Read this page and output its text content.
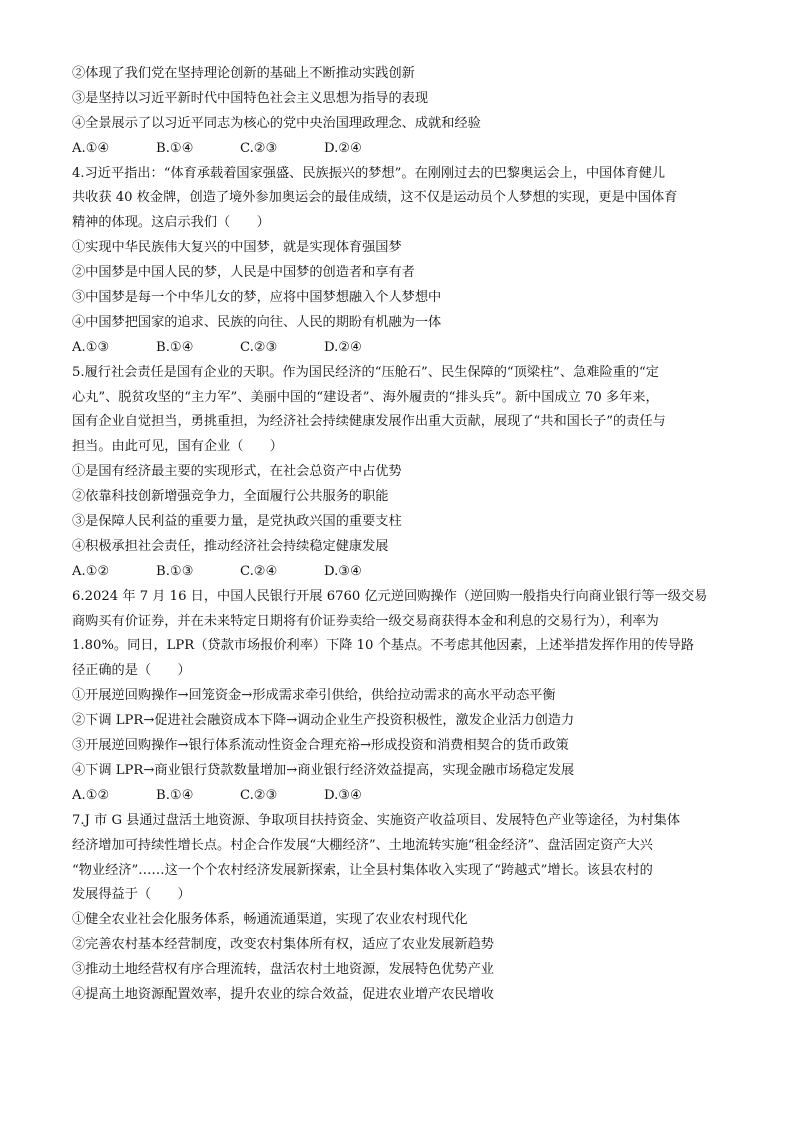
②体现了我们党在坚持理论创新的基础上不断推动实践创新
③是坚持以习近平新时代中国特色社会主义思想为指导的表现
④全景展示了以习近平同志为核心的党中央治国理政理念、成就和经验
A.①④	B.①④	C.②③	D.②④
4.习近平指出：“体育承载着国家强盛、民族振兴的梦想”。在刚刚过去的巴黎奥运会上，中国体育健儿
共收获 40 枚金牌，创造了境外参加奥运会的最佳成绩，这不仅是运动员个人梦想的实现，更是中国体育
精神的体现。这启示我们（　　）
①实现中华民族伟大复兴的中国梦，就是实现体育强国梦
②中国梦是中国人民的梦，人民是中国梦的创造者和享有者
③中国梦是每一个中华儿女的梦，应将中国梦想融入个人梦想中
④中国梦把国家的追求、民族的向往、人民的期盼有机融为一体
A.①③	B.①④	C.②③	D.②④
5.履行社会责任是国有企业的天职。作为国民经济的“压舱石”、民生保障的“顶梁柱”、急难险重的“定
心丸”、脱贫攻坚的“主力军”、美丽中国的“建设者”、海外履责的“排头兵”。新中国成立 70 多年来，
国有企业自觉担当，勇挑重担，为经济社会持续健康发展作出重大贡献，展现了“共和国长子”的责任与
担当。由此可见，国有企业（　　）
①是国有经济最主要的实现形式，在社会总资产中占优势
②依靠科技创新增强竞争力，全面履行公共服务的职能
③是保障人民利益的重要力量，是党执政兴国的重要支柱
④积极承担社会责任，推动经济社会持续稳定健康发展
A.①②	B.①③	C.②④	D.③④
6.2024 年 7 月 16 日，中国人民银行开展 6760 亿元逆回购操作（逆回购一般指央行向商业银行等一级交易
商购买有价证券，并在未来特定日期将有价证券卖给一级交易商获得本金和利息的交易行为），利率为
1.80%。同日，LPR（贷款市场报价利率）下降 10 个基点。不考虑其他因素，上述举措发挥作用的传导路
径正确的是（　　）
①开展逆回购操作→回笼资金→形成需求牵引供给，供给拉动需求的高水平动态平衡
②下调 LPR→促进社会融资成本下降→调动企业生产投资积极性，激发企业活力创造力
③开展逆回购操作→银行体系流动性资金合理充裕→形成投资和消费相契合的货币政策
④下调 LPR→商业银行贷款数量增加→商业银行经济效益提高，实现金融市场稳定发展
A.①②	B.①④	C.②③	D.③④
7.J 市 G 县通过盘活土地资源、争取项目扶持资金、实施资产收益项目、发展特色产业等途径，为村集体
经济增加可持续性增长点。村企合作发展“大棚经济”、土地流转实施“租金经济”、盘活固定资产大兴
“物业经济”……这一个个农村经济发展新探索，让全县村集体收入实现了“跨越式”增长。该县农村的
发展得益于（　　）
①健全农业社会化服务体系，畅通流通渠道，实现了农业农村现代化
②完善农村基本经营制度，改变农村集体所有权，适应了农业发展新趋势
③推动土地经营权有序合理流转，盘活农村土地资源，发展特色优势产业
④提高土地资源配置效率，提升农业的综合效益，促进农业增产农民增收
